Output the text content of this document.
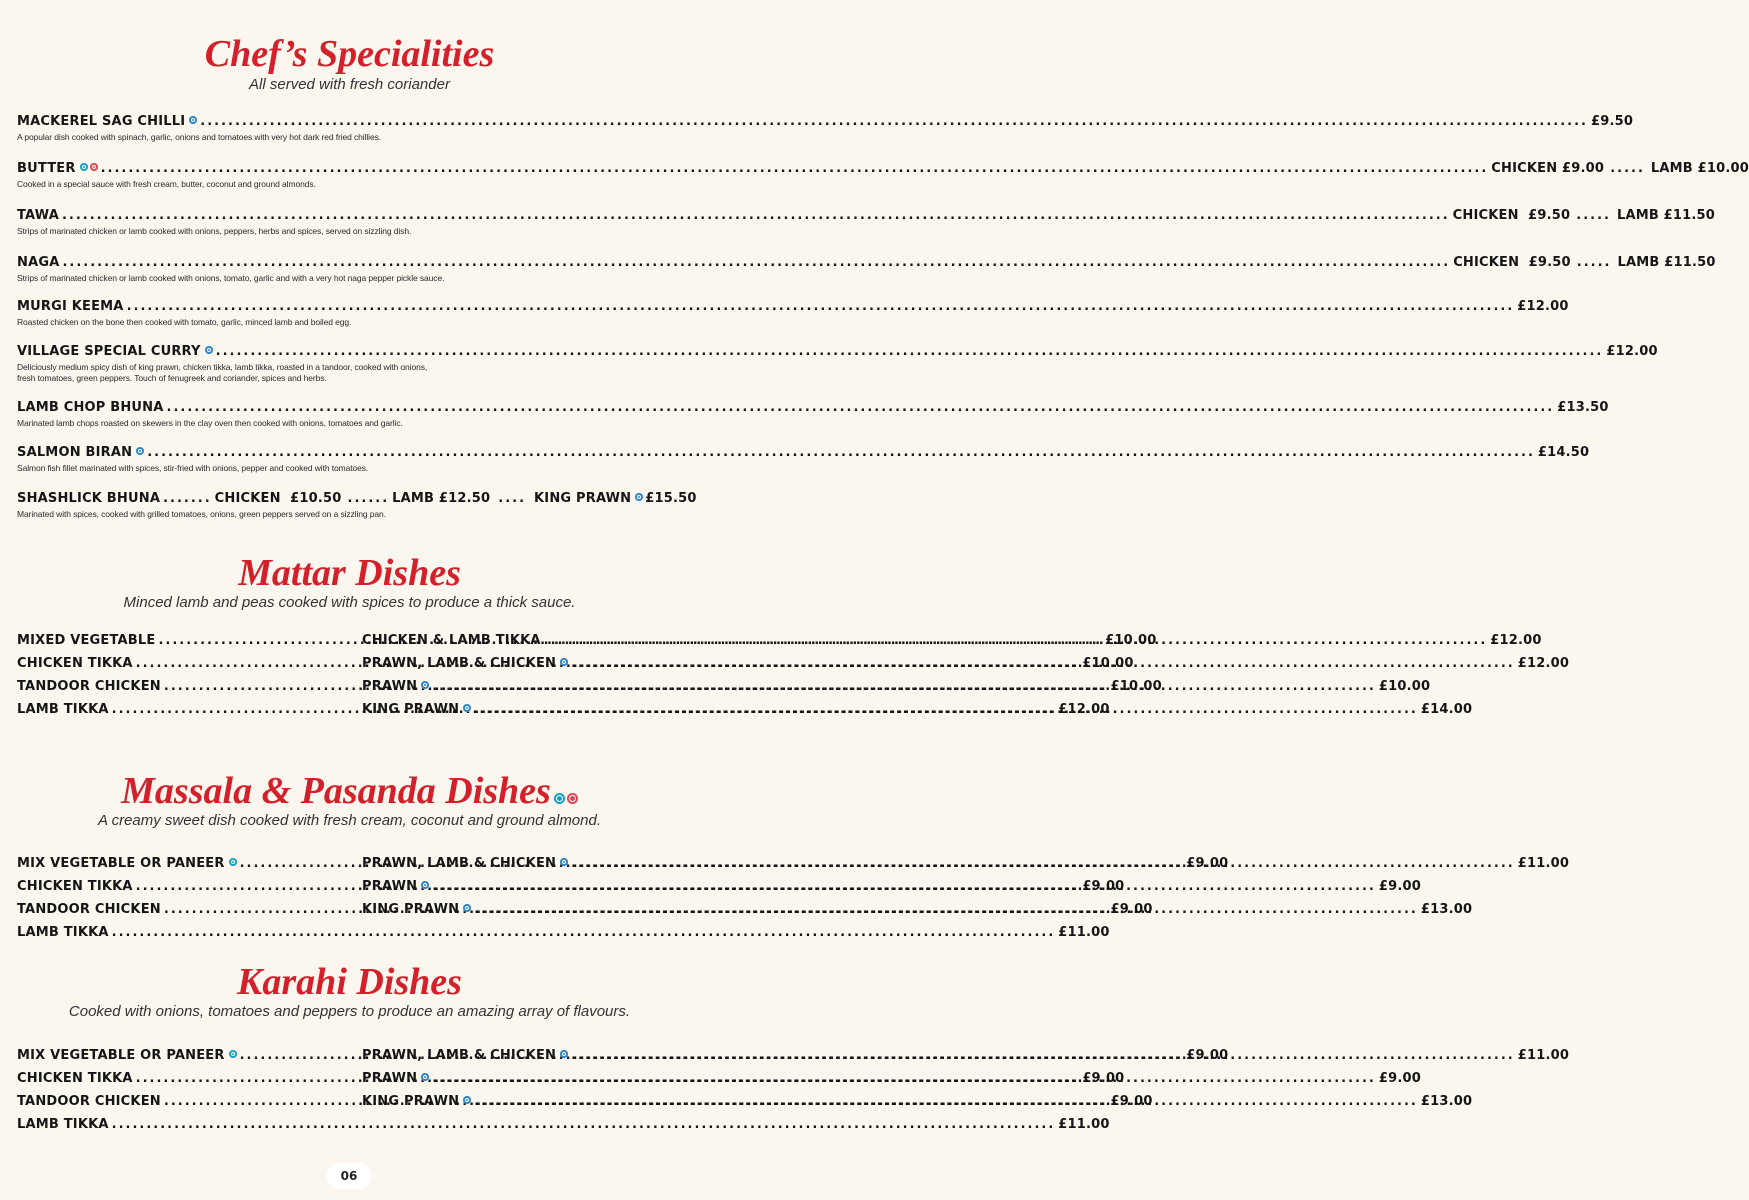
Chef’s Specialities
All served with fresh coriander
MACKEREL SAG CHILLI .....	£9.50
A popular dish cooked with spinach, garlic, onions and tomatoes with very hot dark red fried chillies.
BUTTER .....	CHICKEN £9.00 ..... LAMB £10.00
Cooked in a special sauce with fresh cream, butter, coconut and ground almonds.
TAWA .....	CHICKEN  £9.50 ..... LAMB £11.50
Strips of marinated chicken or lamb cooked with onions, peppers, herbs and spices, served on sizzling dish.
NAGA .....	CHICKEN  £9.50 ..... LAMB £11.50
Strips of marinated chicken or lamb cooked with onions, tomato, garlic and with a very hot naga pepper pickle sauce.
MURGI KEEMA .....	£12.00
Roasted chicken on the bone then cooked with tomato, garlic, minced lamb and boiled egg.
VILLAGE SPECIAL CURRY .....	£12.00
Deliciously medium spicy dish of king prawn, chicken tikka, lamb tikka, roasted in a tandoor, cooked with onions,
fresh tomatoes, green peppers. Touch of fenugreek and coriander, spices and herbs.
LAMB CHOP BHUNA .....	£13.50
Marinated lamb chops roasted on skewers in the clay oven then cooked with onions, tomatoes and garlic.
SALMON BIRAN .....	£14.50
Salmon fish fillet marinated with spices, stir-fried with onions, pepper and cooked with tomatoes.
SHASHLICK BHUNA ....... CHICKEN  £10.50 ...... LAMB £12.50 .... KING PRAWN £15.50
Marinated with spices, cooked with grilled tomatoes, onions, green peppers served on a sizzling pan.
Mattar Dishes
Minced lamb and peas cooked with spices to produce a thick sauce.
MIXED VEGETABLE .....	£10.00
CHICKEN TIKKA .....	£10.00
TANDOOR CHICKEN .....	£10.00
LAMB TIKKA .....	£12.00
CHICKEN & LAMB TIKKA .....	£12.00
PRAWN, LAMB & CHICKEN .....	£12.00
PRAWN .....	£10.00
KING PRAWN .....	£14.00
Massala & Pasanda Dishes
A creamy sweet dish cooked with fresh cream, coconut and ground almond.
MIX VEGETABLE OR PANEER .....	£9.00
CHICKEN TIKKA .....	£9.00
TANDOOR CHICKEN .....	£9.00
LAMB TIKKA .....	£11.00
PRAWN, LAMB & CHICKEN .....	£11.00
PRAWN .....	£9.00
KING PRAWN .....	£13.00
Karahi Dishes
Cooked with onions, tomatoes and peppers to produce an amazing array of flavours.
MIX VEGETABLE OR PANEER .....	£9.00
CHICKEN TIKKA .....	£9.00
TANDOOR CHICKEN .....	£9.00
LAMB TIKKA .....	£11.00
PRAWN, LAMB & CHICKEN .....	£11.00
PRAWN .....	£9.00
KING PRAWN .....	£13.00
06
